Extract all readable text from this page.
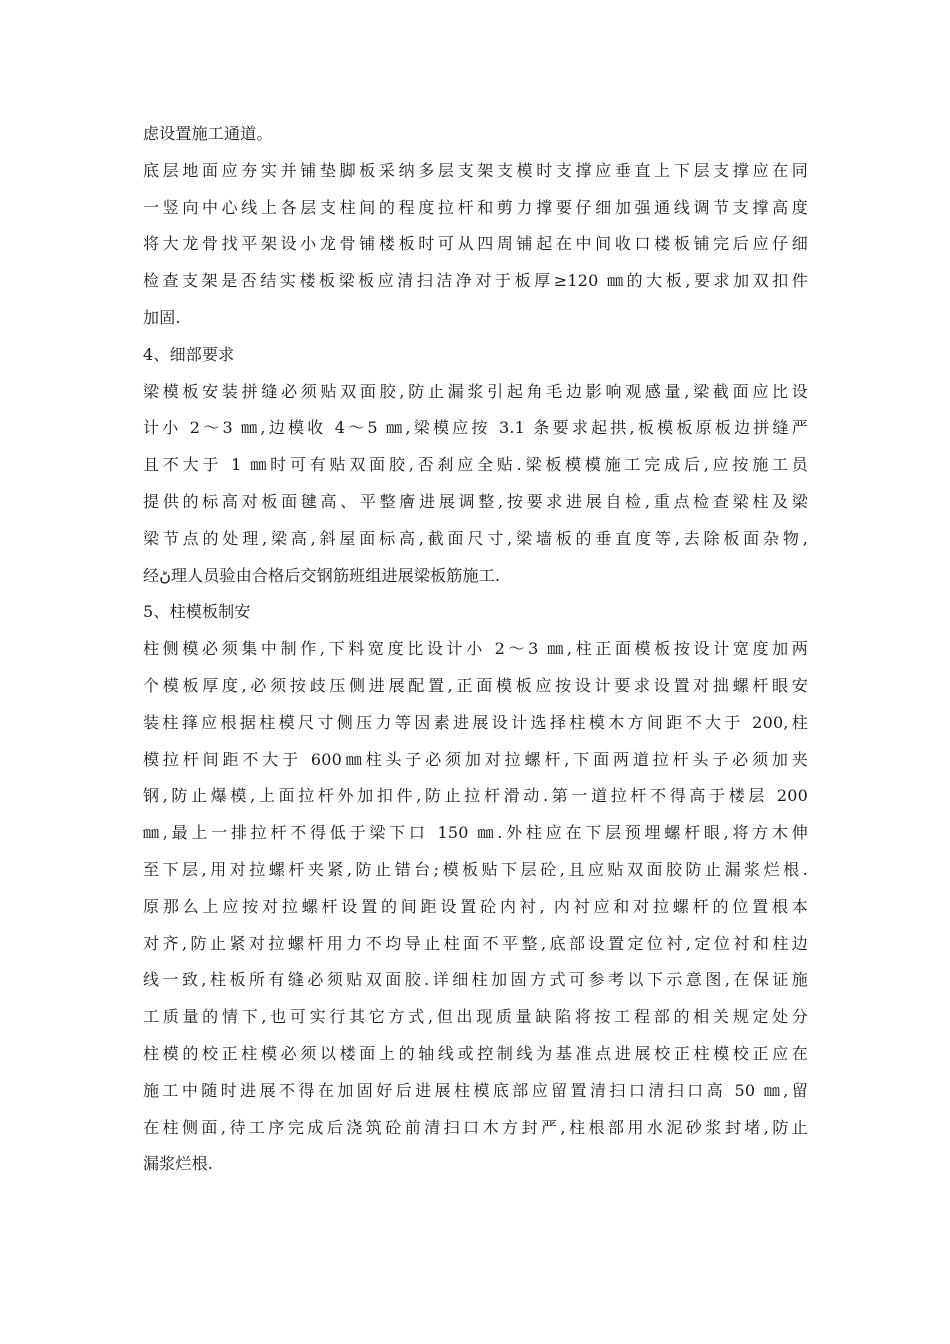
虑设置施工通道。
底层地面应夯实并铺垫脚板采纳多层支架支模时支撑应垂直上下层支撑应在同
一竖向中心线上各层支柱间的程度拉杆和剪力撑要仔细加强通线调节支撑高度
将大龙骨找平架设小龙骨铺楼板时可从四周铺起在中间收口楼板铺完后应仔细
检查支架是否结实楼板梁板应清扫洁净对于板厚≥120 ㎜的大板,要求加双扣件
加固.
4、细部要求
梁模板安装拼缝必须贴双面胶,防止漏浆引起角毛边影响观感量,梁截面应比设
计小 2～3 ㎜,边模收 4～5 ㎜,梁模应按 3.1 条要求起拱,板模板原板边拼缝严
且不大于 1 ㎜时可有贴双面胶,否刹应全贴.梁板模模施工完成后,应按施工员
提供的标高对板面毽高、平整廥进展调整,按要求进展自检,重点检查梁柱及梁
梁节点的处理,梁高,斜屋面标高,截面尺寸,梁墙板的垂直度等,去除板面杂物,
经ڻ理人员验由合格后交钢筋班组进展梁板筋施工.
5、柱模板制安
柱侧模必须集中制作,下料宽度比设计小 2～3 ㎜,柱正面模板按设计宽度加两
个模板厚度,必须按歧压侧进展配置,正面模板应按设计要求设置对拙螺杆眼安
装柱箨应根据柱模尺寸侧压力等因素进展设计选择柱模木方间距不大于 200,柱
模拉杆间距不大于 600㎜柱头子必须加对拉螺杆,下面两道拉杆头子必须加夹
钢,防止爆模,上面拉杆外加扣件,防止拉杆滑动.第一道拉杆不得高于楼层 200
㎜,最上一排拉杆不得低于梁下口 150 ㎜.外柱应在下层预埋螺杆眼,将方木伸
至下层,用对拉螺杆夹紧,防止错台;模板贴下层砼,且应贴双面胶防止漏浆烂根.
原那么上应按对拉螺杆设置的间距设置砼内衬, 内衬应和对拉螺杆的位置根本
对齐,防止紧对拉螺杆用力不均导止柱面不平整,底部设置定位衬,定位衬和柱边
线一致,柱板所有缝必须贴双面胶.详细柱加固方式可参考以下示意图,在保证施
工质量的情下,也可实行其它方式,但出现质量缺陷将按工程部的相关规定处分
柱模的校正柱模必须以楼面上的轴线或控制线为基准点进展校正柱模校正应在
施工中随时进展不得在加固好后进展柱模底部应留置清扫口清扫口高 50 ㎜,留
在柱侧面,待工序完成后浇筑砼前清扫口木方封严,柱根部用水泥砂浆封堵,防止
漏浆烂根.
